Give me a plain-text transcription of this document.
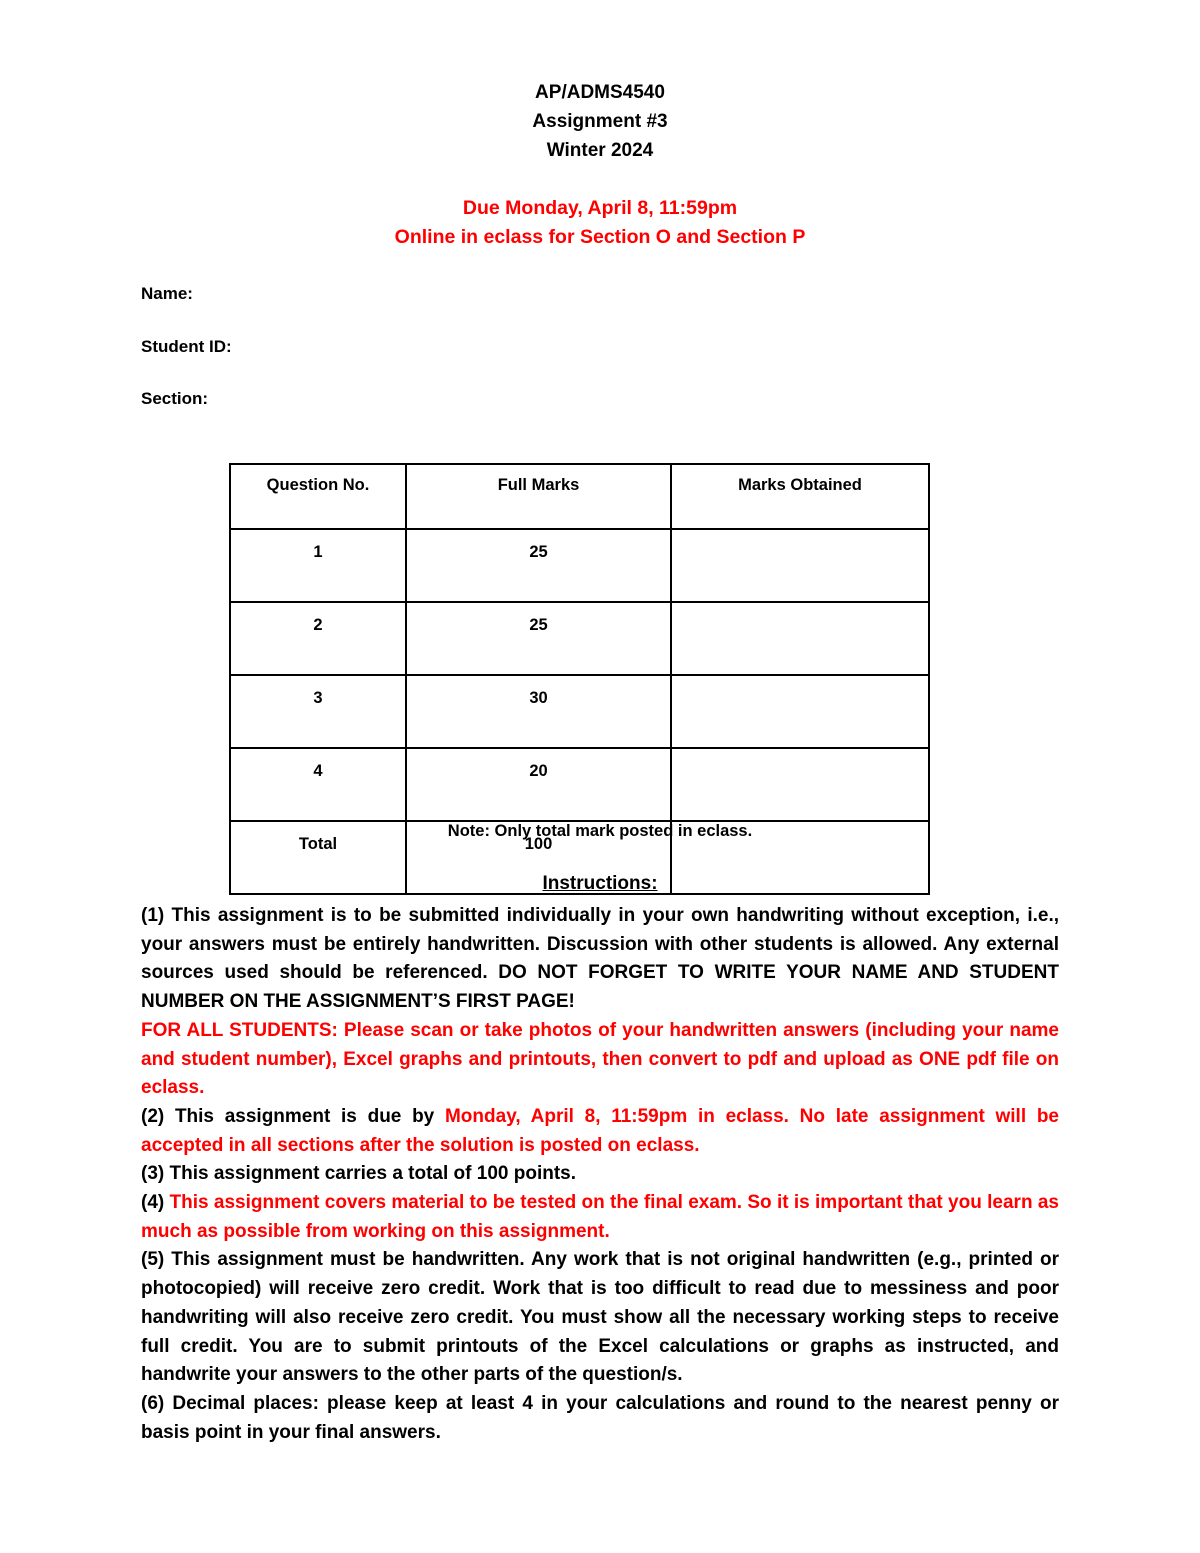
AP/ADMS4540
Assignment #3
Winter 2024
Due Monday, April 8, 11:59pm
Online in eclass for Section O and Section P
Name:
Student ID:
Section:
Question No.	Full Marks	Marks Obtained
1	25	
2	25	
3	30	
4	20	
Total	100	
Note: Only total mark posted in eclass.
Instructions:

(1) This assignment is to be submitted individually in your own handwriting without exception, i.e., your answers must be entirely handwritten. Discussion with other students is allowed. Any external sources used should be referenced. DO NOT FORGET TO WRITE YOUR NAME AND STUDENT NUMBER ON THE ASSIGNMENT’S FIRST PAGE!

FOR ALL STUDENTS: Please scan or take photos of your handwritten answers (including your name and student number), Excel graphs and printouts, then convert to pdf and upload as ONE pdf file on eclass.

(2) This assignment is due by Monday, April 8, 11:59pm in eclass. No late assignment will be accepted in all sections after the solution is posted on eclass.

(3) This assignment carries a total of 100 points.

(4) This assignment covers material to be tested on the final exam. So it is important that you learn as much as possible from working on this assignment.

(5) This assignment must be handwritten. Any work that is not original handwritten (e.g., printed or photocopied) will receive zero credit. Work that is too difficult to read due to messiness and poor handwriting will also receive zero credit. You must show all the necessary working steps to receive full credit. You are to submit printouts of the Excel calculations or graphs as instructed, and handwrite your answers to the other parts of the question/s.

(6) Decimal places: please keep at least 4 in your calculations and round to the nearest penny or basis point in your final answers.
